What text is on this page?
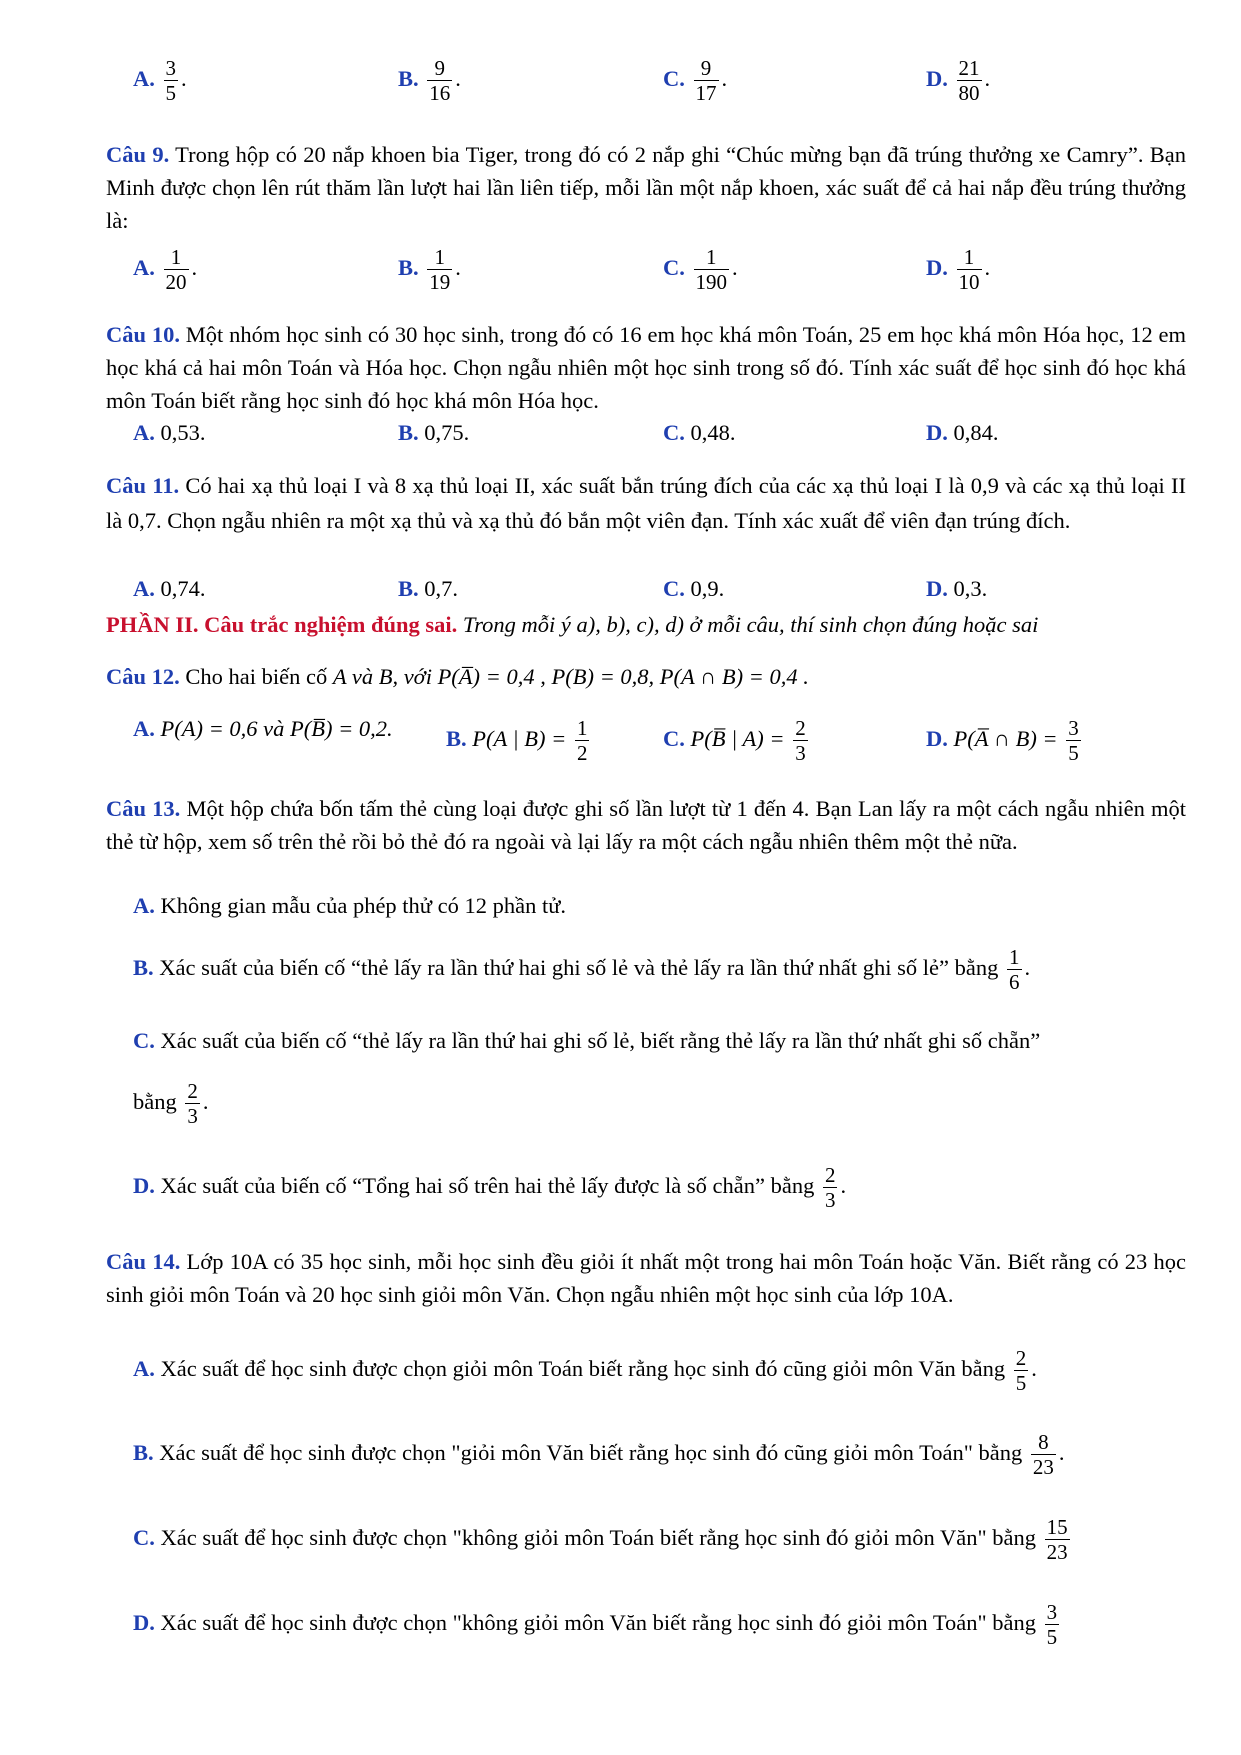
A. $\frac{3}{5}$ .	B. $\frac{9}{16}$ .	C. $\frac{9}{17}$ .	D. $\frac{21}{80}$ .
Câu 9. Trong hộp có 20 nắp khoen bia Tiger, trong đó có 2 nắp ghi “Chúc mừng bạn đã trúng thưởng xe Camry”. Bạn Minh được chọn lên rút thăm lần lượt hai lần liên tiếp, mỗi lần một nắp khoen, xác suất để cả hai nắp đều trúng thưởng là:
A. $\frac{1}{20}$ .	B. $\frac{1}{19}$ .	C. $\frac{1}{190}$ .	D. $\frac{1}{10}$ .
Câu 10. Một nhóm học sinh có 30 học sinh, trong đó có 16 em học khá môn Toán, 25 em học khá môn Hóa học, 12 em học khá cả hai môn Toán và Hóa học. Chọn ngẫu nhiên một học sinh trong số đó. Tính xác suất để học sinh đó học khá môn Toán biết rằng học sinh đó học khá môn Hóa học.
A. 0,53.	B. 0,75.	C. 0,48.	D. 0,84.
Câu 11. Có hai xạ thủ loại I và 8 xạ thủ loại II, xác suất bắn trúng đích của các xạ thủ loại I là 0,9 và các xạ thủ loại II là 0,7. Chọn ngẫu nhiên ra một xạ thủ và xạ thủ đó bắn một viên đạn. Tính xác xuất để viên đạn trúng đích.
A. 0,74.	B. 0,7.	C. 0,9.	D. 0,3.
PHẦN II. Câu trắc nghiệm đúng sai. Trong mỗi ý a), b), c), d) ở mỗi câu, thí sinh chọn đúng hoặc sai
Câu 12. Cho hai biến cố A và B, với P(A̅) = 0,4 , P(B) = 0,8, P(A ∩ B) = 0,4 .
A. P(A) = 0,6 và P(B̅) = 0,2. B. P(A | $B) = \frac{1}{2}$	C. P(B̅ | $A) = \frac{2}{3}$	D. P(A̅ ∩ $B) = \frac{3}{5}$
Câu 13. Một hộp chứa bốn tấm thẻ cùng loại được ghi số lần lượt từ 1 đến 4. Bạn Lan lấy ra một cách ngẫu nhiên một thẻ từ hộp, xem số trên thẻ rồi bỏ thẻ đó ra ngoài và lại lấy ra một cách ngẫu nhiên thêm một thẻ nữa.
A. Không gian mẫu của phép thử có 12 phần tử.
B. Xác suất của biến cố “thẻ lấy ra lần thứ hai ghi số lẻ và thẻ lấy ra lần thứ nhất ghi số lẻ” bằng $\frac{1}{6}$ .
C. Xác suất của biến cố “thẻ lấy ra lần thứ hai ghi số lẻ, biết rằng thẻ lấy ra lần thứ nhất ghi số chẵn”
bằng $\frac{2}{3}$ .
D. Xác suất của biến cố “Tổng hai số trên hai thẻ lấy được là số chẵn” bằng $\frac{2}{3}$ .
Câu 14. Lớp 10A có 35 học sinh, mỗi học sinh đều giỏi ít nhất một trong hai môn Toán hoặc Văn. Biết rằng có 23 học sinh giỏi môn Toán và 20 học sinh giỏi môn Văn. Chọn ngẫu nhiên một học sinh của lớp 10A.
A. Xác suất để học sinh được chọn giỏi môn Toán biết rằng học sinh đó cũng giỏi môn Văn bằng $\frac{2}{5}$ .
B. Xác suất để học sinh được chọn "giỏi môn Văn biết rằng học sinh đó cũng giỏi môn Toán" bằng $\frac{8}{23}$ .
C. Xác suất để học sinh được chọn "không giỏi môn Toán biết rằng học sinh đó giỏi môn Văn" bằng $\frac{15}{23}$
D. Xác suất để học sinh được chọn "không giỏi môn Văn biết rằng học sinh đó giỏi môn Toán" bằng $\frac{3}{5}$
